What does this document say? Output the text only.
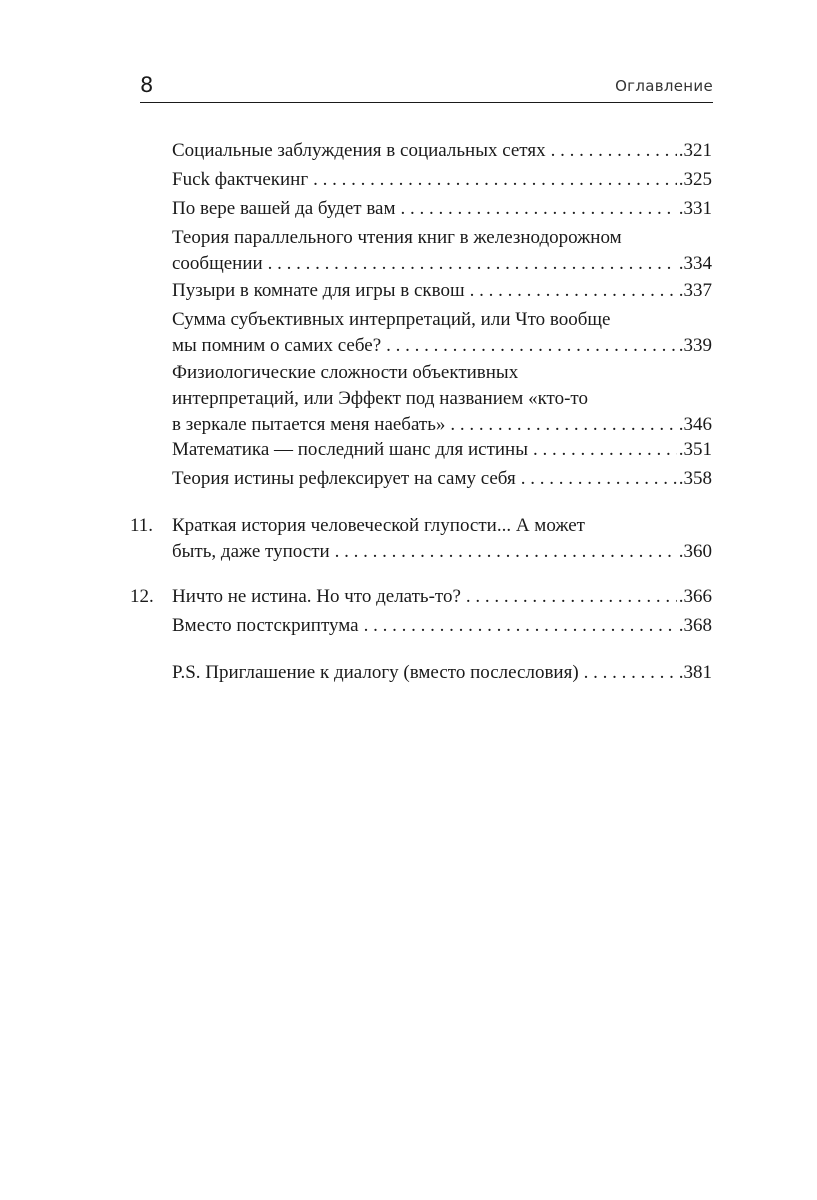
8	Оглавление
Социальные заблуждения в социальных сетях . . .	.321
Fuck фактчекинг . . .	.325
По вере вашей да будет вам . . .	.331
Теория параллельного чтения книг в железнодорожном
сообщении . . .	.334
Пузыри в комнате для игры в сквош . . .	.337
Сумма субъективных интерпретаций, или Что вообще
мы помним о самих себе? . . .	.339
Физиологические сложности объективных
интерпретаций, или Эффект под названием «кто-то
в зеркале пытается меня наебать» . . .	.346
Математика — последний шанс для истины . . .	.351
Теория истины рефлексирует на саму себя . . .	.358
11. Краткая история человеческой глупости... А может
быть, даже тупости . . .	.360
12. Ничто не истина. Но что делать-то? . . .	.366
Вместо постскриптума . . .	.368
P.S. Приглашение к диалогу (вместо послесловия) . . .	.381
